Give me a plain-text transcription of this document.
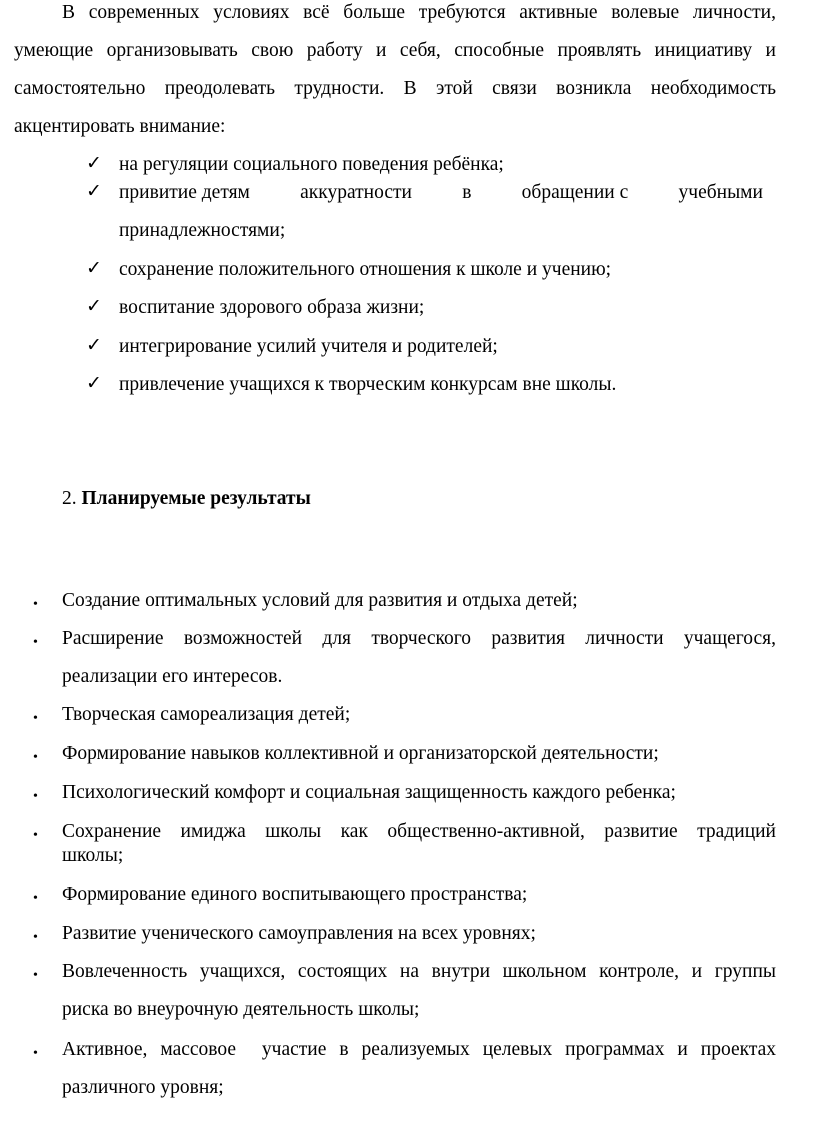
В современных условиях всё больше требуются активные волевые личности,
умеющие организовывать свою работу и себя, способные проявлять инициативу и
самостоятельно преодолевать трудности. В этой связи возникла необходимость
акцентировать внимание:
✓ на регуляции социального поведения ребёнка;
✓ привитие детям	аккуратности	в	обращении с	учебными
принадлежностями;
✓ сохранение положительного отношения к школе и учению;
✓ воспитание здорового образа жизни;
✓ интегрирование усилий учителя и родителей;
✓ привлечение учащихся к творческим конкурсам вне школы.
2. Планируемые результаты
• Создание оптимальных условий для развития и отдыха детей;
• Расширение возможностей для творческого развития личности учащегося,
реализации его интересов.
• Творческая самореализация детей;
• Формирование навыков коллективной и организаторской деятельности;
• Психологический комфорт и социальная защищенность каждого ребенка;
• Сохранение имиджа школы как общественно-активной, развитие традиций
школы;
• Формирование единого воспитывающего пространства;
• Развитие ученического самоуправления на всех уровнях;
• Вовлеченность учащихся, состоящих на внутри школьном контроле, и группы
риска во внеурочную деятельность школы;
• Активное, массовое  участие в реализуемых целевых программах и проектах
различного уровня;
